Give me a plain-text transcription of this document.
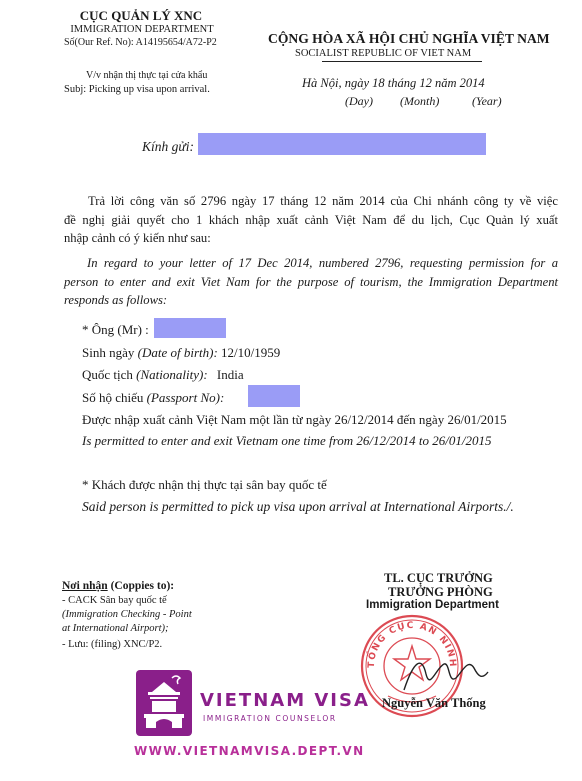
CỤC QUẢN LÝ XNC
IMMIGRATION DEPARTMENT
Số(Our Ref. No): A14195654/A72-P2
V/v nhận thị thực tại cửa khẩu
Subj: Picking up visa upon arrival.
CỘNG HÒA XÃ HỘI CHỦ NGHĨA VIỆT NAM
SOCIALIST REPUBLIC OF VIET NAM
Hà Nội, ngày 18 tháng 12 năm 2014
(Day) (Month)	(Year)
Kính gửi:
Trả lời công văn số 2796 ngày 17 tháng 12 năm 2014 của Chi nhánh công ty về việc
đề nghị giải quyết cho 1 khách nhập xuất cảnh Việt Nam để du lịch, Cục Quản lý xuất
nhập cảnh có ý kiến như sau:
In regard to your letter of 17 Dec 2014, numbered 2796, requesting permission for a
person to enter and exit Viet Nam for the purpose of tourism, the Immigration Department
responds as follows:
* Ông (Mr) :
Sinh ngày (Date of birth): 12/10/1959
Quốc tịch (Nationality): India
Số hộ chiếu (Passport No):
Được nhập xuất cảnh Việt Nam một lần từ ngày 26/12/2014 đến ngày 26/01/2015
Is permitted to enter and exit Vietnam one time from 26/12/2014 to 26/01/2015
* Khách được nhận thị thực tại sân bay quốc tế
Said person is permitted to pick up visa upon arrival at International Airports./.
Nơi nhận (Coppies to):
- CACK Sân bay quốc tế
(Immigration Checking - Point
at International Airport);
- Lưu: (filing) XNC/P2.
TL. CỤC TRƯỞNG
TRƯỞNG PHÒNG
Immigration Department
TỔNG CỤC AN NINH
Nguyễn Văn Thống
VIETNAM VISA
IMMIGRATION COUNSELOR
WWW.VIETNAMVISA.DEPT.VN
